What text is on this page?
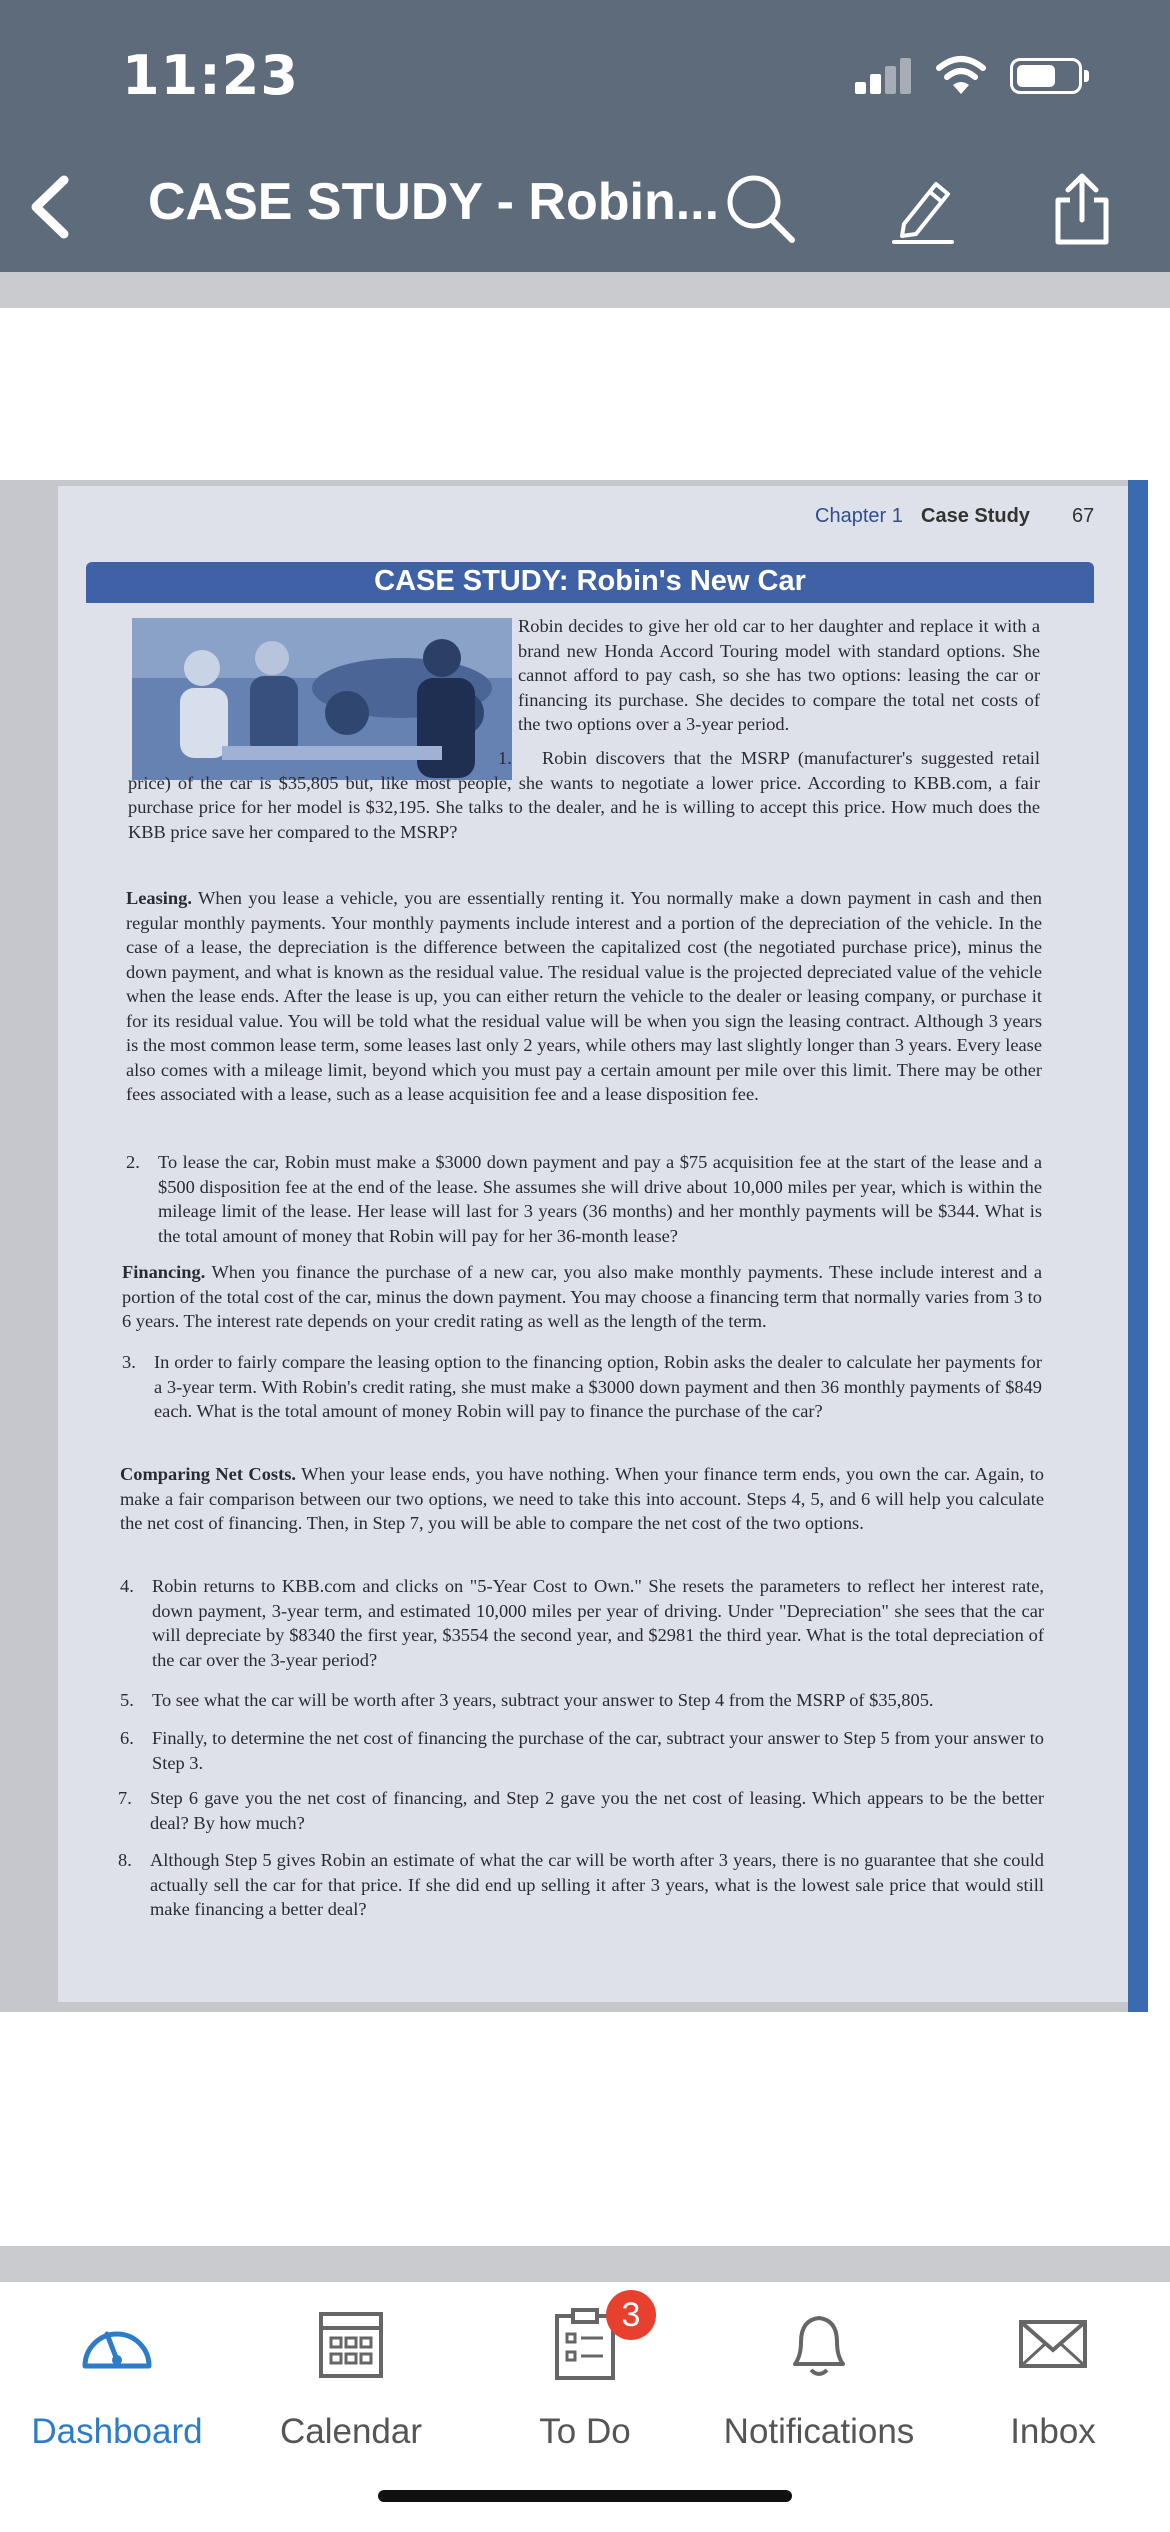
11:23
CASE STUDY - Robin...
Chapter 1 Case Study 67
CASE STUDY: Robin's New Car

Robin decides to give her old car to her daughter and replace it with a brand new Honda Accord Touring model with standard options. She cannot afford to pay cash, so she has two options: leasing the car or financing its purchase. She decides to compare the total net costs of the two options over a 3-year period.

1. Robin discovers that the MSRP (manufacturer's suggested retail price) of the car is $35,805 but, like most people, she wants to negotiate a lower price. According to KBB.com, a fair purchase price for her model is $32,195. She talks to the dealer, and he is willing to accept this price. How much does the KBB price save her compared to the MSRP?

Leasing. When you lease a vehicle, you are essentially renting it. You normally make a down payment in cash and then regular monthly payments. Your monthly payments include interest and a portion of the depreciation of the vehicle. In the case of a lease, the depreciation is the difference between the capitalized cost (the negotiated purchase price), minus the down payment, and what is known as the residual value. The residual value is the projected depreciated value of the vehicle when the lease ends. After the lease is up, you can either return the vehicle to the dealer or leasing company, or purchase it for its residual value. You will be told what the residual value will be when you sign the leasing contract. Although 3 years is the most common lease term, some leases last only 2 years, while others may last slightly longer than 3 years. Every lease also comes with a mileage limit, beyond which you must pay a certain amount per mile over this limit. There may be other fees associated with a lease, such as a lease acquisition fee and a lease disposition fee.

2. To lease the car, Robin must make a $3000 down payment and pay a $75 acquisition fee at the start of the lease and a $500 disposition fee at the end of the lease. She assumes she will drive about 10,000 miles per year, which is within the mileage limit of the lease. Her lease will last for 3 years (36 months) and her monthly payments will be $344. What is the total amount of money that Robin will pay for her 36-month lease?

Financing. When you finance the purchase of a new car, you also make monthly payments. These include interest and a portion of the total cost of the car, minus the down payment. You may choose a financing term that normally varies from 3 to 6 years. The interest rate depends on your credit rating as well as the length of the term.

3. In order to fairly compare the leasing option to the financing option, Robin asks the dealer to calculate her payments for a 3-year term. With Robin's credit rating, she must make a $3000 down payment and then 36 monthly payments of $849 each. What is the total amount of money Robin will pay to finance the purchase of the car?

Comparing Net Costs. When your lease ends, you have nothing. When your finance term ends, you own the car. Again, to make a fair comparison between our two options, we need to take this into account. Steps 4, 5, and 6 will help you calculate the net cost of financing. Then, in Step 7, you will be able to compare the net cost of the two options.

4. Robin returns to KBB.com and clicks on "5-Year Cost to Own." She resets the parameters to reflect her interest rate, down payment, 3-year term, and estimated 10,000 miles per year of driving. Under "Depreciation" she sees that the car will depreciate by $8340 the first year, $3554 the second year, and $2981 the third year. What is the total depreciation of the car over the 3-year period?
5. To see what the car will be worth after 3 years, subtract your answer to Step 4 from the MSRP of $35,805.
6. Finally, to determine the net cost of financing the purchase of the car, subtract your answer to Step 5 from your answer to Step 3.
7. Step 6 gave you the net cost of financing, and Step 2 gave you the net cost of leasing. Which appears to be the better deal? By how much?
8. Although Step 5 gives Robin an estimate of what the car will be worth after 3 years, there is no guarantee that she could actually sell the car for that price. If she did end up selling it after 3 years, what is the lowest sale price that would still make financing a better deal?
Dashboard	Calendar
3
To Do	Notifications	Inbox
